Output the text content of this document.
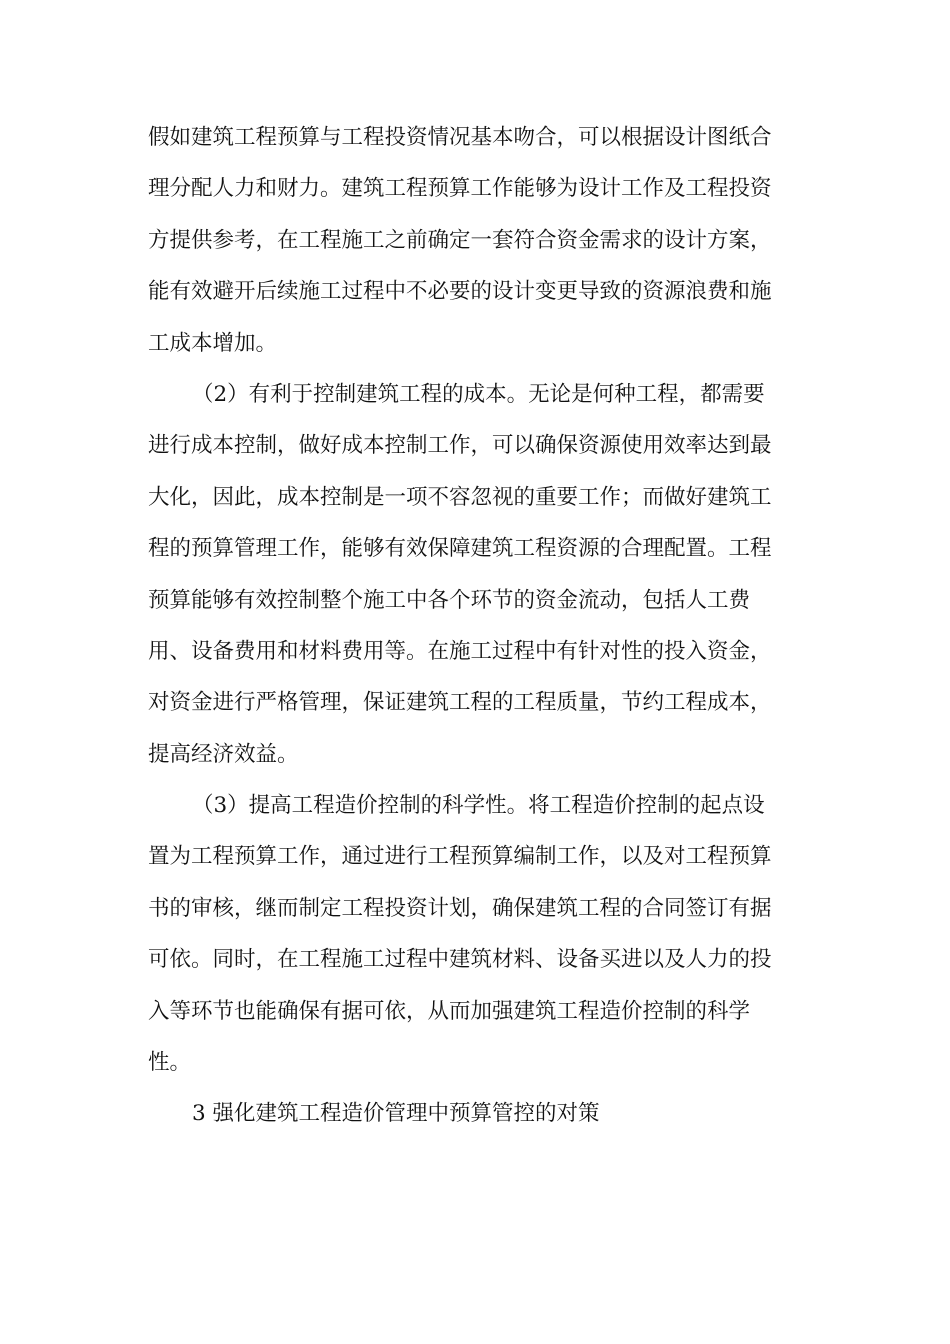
假如建筑工程预算与工程投资情况基本吻合，可以根据设计图纸合
理分配人力和财力。建筑工程预算工作能够为设计工作及工程投资
方提供参考，在工程施工之前确定一套符合资金需求的设计方案，
能有效避开后续施工过程中不必要的设计变更导致的资源浪费和施
工成本增加。
（2）有利于控制建筑工程的成本。无论是何种工程，都需要
进行成本控制，做好成本控制工作，可以确保资源使用效率达到最
大化，因此，成本控制是一项不容忽视的重要工作；而做好建筑工
程的预算管理工作，能够有效保障建筑工程资源的合理配置。工程
预算能够有效控制整个施工中各个环节的资金流动，包括人工费
用、设备费用和材料费用等。在施工过程中有针对性的投入资金，
对资金进行严格管理，保证建筑工程的工程质量，节约工程成本，
提高经济效益。
（3）提高工程造价控制的科学性。将工程造价控制的起点设
置为工程预算工作，通过进行工程预算编制工作，以及对工程预算
书的审核，继而制定工程投资计划，确保建筑工程的合同签订有据
可依。同时，在工程施工过程中建筑材料、设备买进以及人力的投
入等环节也能确保有据可依，从而加强建筑工程造价控制的科学
性。
3 强化建筑工程造价管理中预算管控的对策
